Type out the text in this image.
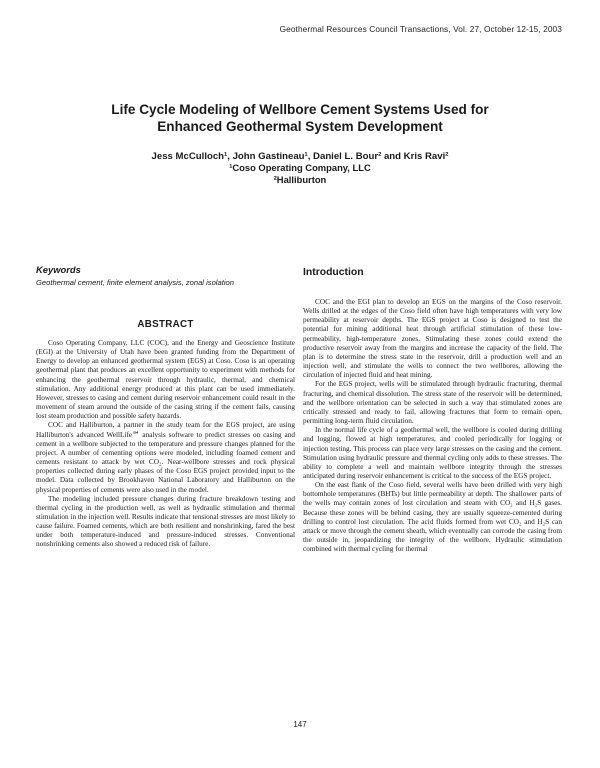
Geothermal Resources Council Transactions, Vol. 27, October 12-15, 2003
Life Cycle Modeling of Wellbore Cement Systems Used for
Enhanced Geothermal System Development
Jess McCulloch¹, John Gastineau¹, Daniel L. Bour² and Kris Ravi²
¹Coso Operating Company, LLC
²Halliburton
Keywords
Geothermal cement, finite element analysis, zonal isolation
ABSTRACT

Coso Operating Company, LLC (COC), and the Energy and Geoscience Institute (EGI) at the University of Utah have been granted funding from the Department of Energy to develop an enhanced geothermal system (EGS) at Coso. Coso is an operating geothermal plant that produces an excellent opportunity to experiment with methods for enhancing the geothermal reservoir through hydraulic, thermal, and chemical stimulation. Any additional energy produced at this plant can be used immediately. However, stresses to casing and cement during reservoir enhancement could result in the movement of steam around the outside of the casing string if the cement fails, causing lost steam production and possible safety hazards.

COC and Halliburton, a partner in the study team for the EGS project, are using Halliburton's advanced WellLife℠ analysis software to predict stresses on casing and cement in a wellbore subjected to the temperature and pressure changes planned for the project. A number of cementing options were modeled, including foamed cement and cements resistant to attack by wet CO₂. Near-wellbore stresses and rock physical properties collected during early phases of the Coso EGS project provided input to the model. Data collected by Brookhaven National Laboratory and Halliburton on the physical properties of cements were also used in the model.

The modeling included pressure changes during fracture breakdown testing and thermal cycling in the production well, as well as hydraulic stimulation and thermal stimulation in the injection well. Results indicate that tensional stresses are most likely to cause failure. Foamed cements, which are both resilient and nonshrinking, fared the best under both temperature-induced and pressure-induced stresses. Conventional nonshrinking cements also showed a reduced risk of failure.

Introduction

COC and the EGI plan to develop an EGS on the margins of the Coso reservoir. Wells drilled at the edges of the Coso field often have high temperatures with very low permeability at reservoir depths. The EGS project at Coso is designed to test the potential for mining additional heat through artificial stimulation of these low-permeability, high-temperature zones. Stimulating these zones could extend the productive reservoir away from the margins and increase the capacity of the field. The plan is to determine the stress state in the reservoir, drill a production well and an injection well, and stimulate the wells to connect the two wellbores, allowing the circulation of injected fluid and heat mining.

For the EGS project, wells will be stimulated through hydraulic fracturing, thermal fracturing, and chemical dissolution. The stress state of the reservoir will be determined, and the wellbore orientation can be selected in such a way that stimulated zones are critically stressed and ready to fail, allowing fractures that form to remain open, permitting long-term fluid circulation.

In the normal life cycle of a geothermal well, the wellbore is cooled during drilling and logging, flowed at high temperatures, and cooled periodically for logging or injection testing. This process can place very large stresses on the casing and the cement. Stimulation using hydraulic pressure and thermal cycling only adds to these stresses. The ability to complete a well and maintain wellbore integrity through the stresses anticipated during reservoir enhancement is critical to the success of the EGS project.

On the east flank of the Coso field, several wells have been drilled with very high bottomhole temperatures (BHTs) but little permeability at depth. The shallower parts of the wells may contain zones of lost circulation and steam with CO₂ and H₂S gases. Because these zones will be behind casing, they are usually squeeze-cemented during drilling to control lost circulation. The acid fluids formed from wet CO₂ and H₂S can attack or move through the cement sheath, which eventually can corrode the casing from the outside in, jeopardizing the integrity of the wellbore. Hydraulic stimulation combined with thermal cycling for thermal

147
